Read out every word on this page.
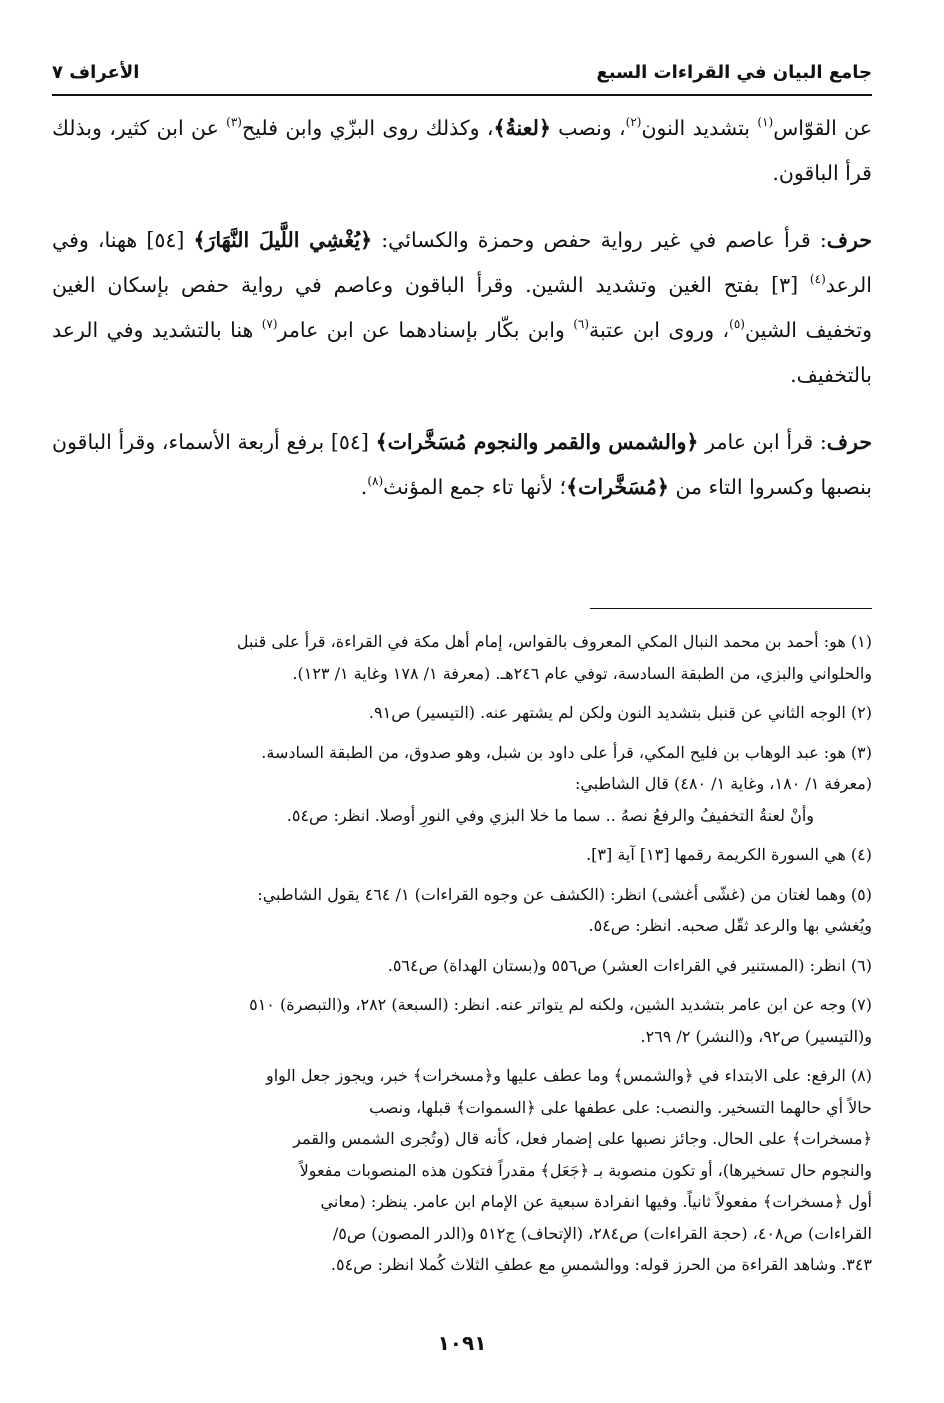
جامع البيان في القراءات السبع
الأعراف ٧

عن القوّاس$^{(١)}$ بتشديد النون$^{(٢)}$، ونصب ﴿لعنةُ﴾، وكذلك روى البزّي وابن فليح$^{(٣)}$ عن ابن كثير، وبذلك قرأ الباقون.

حرف: قرأ عاصم في غير رواية حفص وحمزة والكسائي: ﴿يُغْشِي اللَّيلَ النَّهَارَ﴾ [٥٤] ههنا، وفي الرعد$^{(٤)}$ [٣] بفتح الغين وتشديد الشين. وقرأ الباقون وعاصم في رواية حفص بإسكان الغين وتخفيف الشين$^{(٥)}$، وروى ابن عتبة$^{(٦)}$ وابن بكّار بإسنادهما عن ابن عامر$^{(٧)}$ هنا بالتشديد وفي الرعد بالتخفيف.

حرف: قرأ ابن عامر ﴿والشمس والقمر والنجوم مُسَخَّرات﴾ [٥٤] برفع أربعة الأسماء، وقرأ الباقون بنصبها وكسروا التاء من ﴿مُسَخَّرات﴾؛ لأنها تاء جمع المؤنث$^{(٨)}$.

(١) هو: أحمد بن محمد النبال المكي المعروف بالقواس، إمام أهل مكة في القراءة، قرأ على قنبل
والحلواني والبزي، من الطبقة السادسة، توفي عام ٢٤٦هـ. (معرفة ١/ ١٧٨ وغاية ١/ ١٢٣).
(٢) الوجه الثاني عن قنبل بتشديد النون ولكن لم يشتهر عنه. (التيسير) ص٩١.
(٣) هو: عبد الوهاب بن فليح المكي، قرأ على داود بن شبل، وهو صدوق، من الطبقة السادسة.
(معرفة ١/ ١٨٠، وغاية ١/ ٤٨٠) قال الشاطبي:
وأنْ لعنةُ التخفيفُ والرفعُ نصهُ .. سما ما خلا البزي وفي النورِ أوصلا. انظر: ص٥٤.
(٤) هي السورة الكريمة رقمها [١٣] آية [٣].
(٥) وهما لغتان من (غشّى أغشى) انظر: (الكشف عن وجوه القراءات) ١/ ٤٦٤ يقول الشاطبي:
ويُغشي بها والرعد ثقّل صحبه. انظر: ص٥٤.
(٦) انظر: (المستنير في القراءات العشر) ص٥٥٦ و(بستان الهداة) ص٥٦٤.
(٧) وجه عن ابن عامر بتشديد الشين، ولكنه لم يتواتر عنه. انظر: (السبعة) ٢٨٢، و(التبصرة) ٥١٠
و(التيسير) ص٩٢، و(النشر) ٢/ ٢٦٩.
(٨) الرفع: على الابتداء في ﴿والشمس﴾ وما عطف عليها و﴿مسخرات﴾ خبر، ويجوز جعل الواو
حالاً أي حالهما التسخير. والنصب: على عطفها على ﴿السموات﴾ قبلها، ونصب
﴿مسخرات﴾ على الحال. وجائز نصبها على إضمار فعل، كأنه قال (وتُجرى الشمس والقمر
والنجوم حال تسخيرها)، أو تكون منصوبة بـ ﴿جَعَل﴾ مقدراً فتكون هذه المنصوبات مفعولاً
أول ﴿مسخرات﴾ مفعولاً ثانياً. وفيها انفرادة سبعية عن الإمام ابن عامر. ينظر: (معاني
القراءات) ص٤٠٨، (حجة القراءات) ص٢٨٤، (الإتحاف) ج٥١٢ و(الدر المصون) ص٥/
٣٤٣. وشاهد القراءة من الحرز قوله: ووالشمسِ مع عطفِ الثلاث كُملا انظر: ص٥٤.
١٠٩١
